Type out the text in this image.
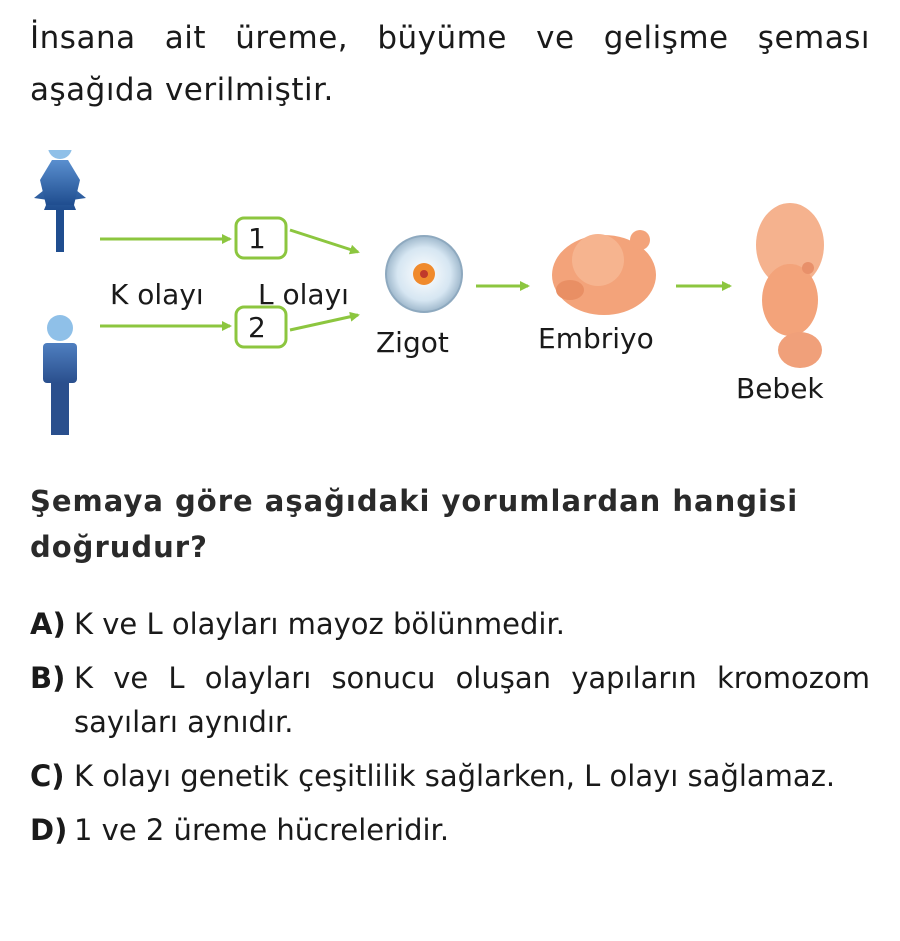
İnsana ait üreme, büyüme ve gelişme şeması aşağıda verilmiştir.
1
2
K olayı L olayı
Zigot	Embriyo
Bebek
Şemaya göre aşağıdaki yorumlardan hangisi doğrudur?
A) K ve L olayları mayoz bölünmedir.
B) K ve L olayları sonucu oluşan yapıların kromozom sayıları aynıdır.
C) K olayı genetik çeşitlilik sağlarken, L olayı sağlamaz.
D) 1 ve 2 üreme hücreleridir.
